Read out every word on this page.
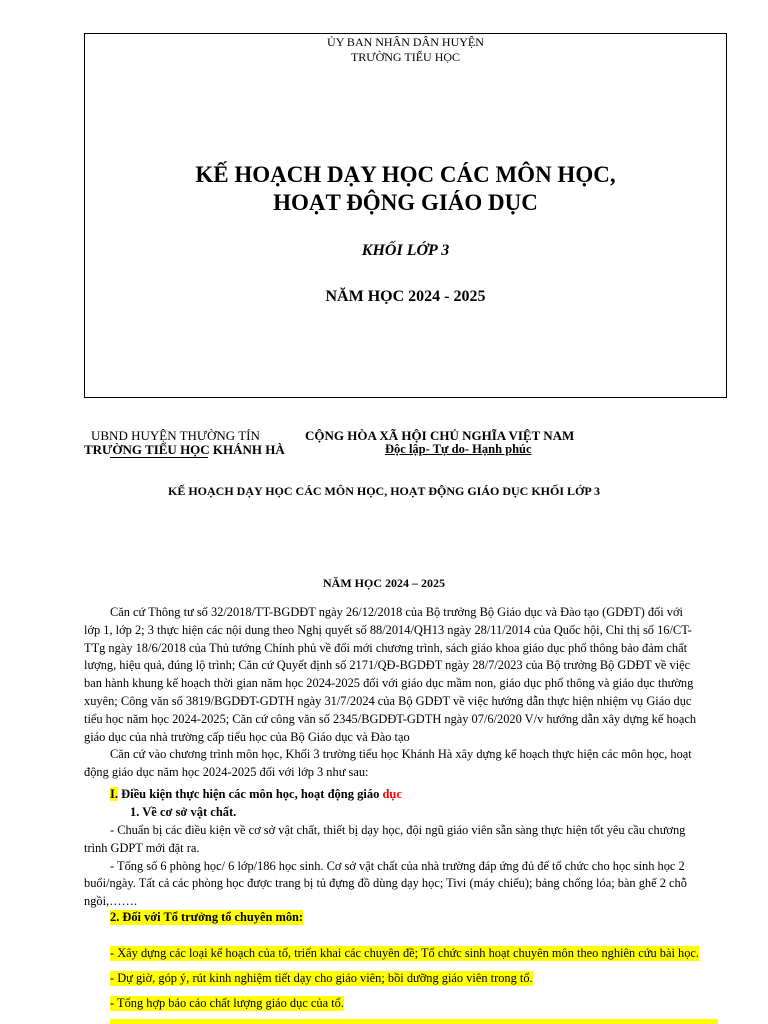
ỦY BAN NHÂN DÂN HUYỆN
TRƯỜNG TIỂU HỌC
KẾ HOẠCH DẠY HỌC CÁC MÔN HỌC,
HOẠT ĐỘNG GIÁO DỤC
KHỐI LỚP 3
NĂM HỌC 2024 - 2025
UBND HUYỆN THƯỜNG TÍN
TRƯỜNG TIỂU HỌC KHÁNH HÀ
CỘNG HÒA XÃ HỘI CHỦ NGHĨA VIỆT NAM
Độc lập- Tự do- Hạnh phúc
KẾ HOẠCH DẠY HỌC CÁC MÔN HỌC, HOẠT ĐỘNG GIÁO DỤC KHỐI LỚP 3
NĂM HỌC 2024 – 2025
Căn cứ Thông tư số 32/2018/TT-BGDĐT ngày 26/12/2018 của Bộ trưởng Bộ Giáo dục và Đào tạo (GDĐT) đối với
lớp 1, lớp 2; 3 thực hiện các nội dung theo Nghị quyết số 88/2014/QH13 ngày 28/11/2014 của Quốc hội, Chỉ thị số 16/CT-
TTg ngày 18/6/2018 của Thủ tướng Chính phủ về đổi mới chương trình, sách giáo khoa giáo dục phổ thông bảo đảm chất
lượng, hiệu quả, đúng lộ trình; Căn cứ Quyết định số 2171/QĐ-BGDĐT ngày 28/7/2023 của Bộ trưởng Bộ GDĐT về việc
ban hành khung kế hoạch thời gian năm học 2024-2025 đối với giáo dục mầm non, giáo dục phổ thông và giáo dục thường
xuyên; Công văn số 3819/BGDĐT-GDTH ngày 31/7/2024 của Bộ GDĐT về việc hướng dẫn thực hiện nhiệm vụ Giáo dục
tiểu học năm học 2024-2025; Căn cứ công văn số 2345/BGDĐT-GDTH ngày 07/6/2020 V/v hướng dẫn xây dựng kế hoạch
giáo dục của nhà trường cấp tiểu học của Bộ Giáo dục và Đào tạo
Căn cứ vào chương trình môn học, Khối 3 trường tiểu học Khánh Hà xây dựng kế hoạch thực hiện các môn học, hoạt
động giáo dục năm học 2024-2025 đối với lớp 3 như sau:
I. Điều kiện thực hiện các môn học, hoạt động giáo dục
1. Về cơ sở vật chất.
- Chuẩn bị các điều kiện về cơ sở vật chất, thiết bị dạy học, đội ngũ giáo viên sẵn sàng thực hiện tốt yêu cầu chương
trình GDPT mới đặt ra.
- Tổng số 6 phòng học/ 6 lớp/186 học sinh. Cơ sở vật chất của nhà trường đáp ứng đủ để tổ chức cho học sinh học 2
buổi/ngày. Tất cả các phòng học được trang bị tủ đựng đồ dùng dạy học; Tivi (máy chiếu); bảng chống lóa; bàn ghế 2 chỗ
ngồi,…….
2. Đối với Tổ trưởng tổ chuyên môn:
- Xây dựng các loại kế hoạch của tổ, triển khai các chuyên đề; Tổ chức sinh hoạt chuyên môn theo nghiên cứu bài học.
- Dự giờ, góp ý, rút kinh nghiệm tiết dạy cho giáo viên; bồi dưỡng giáo viên trong tổ.
- Tổng hợp báo cáo chất lượng giáo dục của tổ.
